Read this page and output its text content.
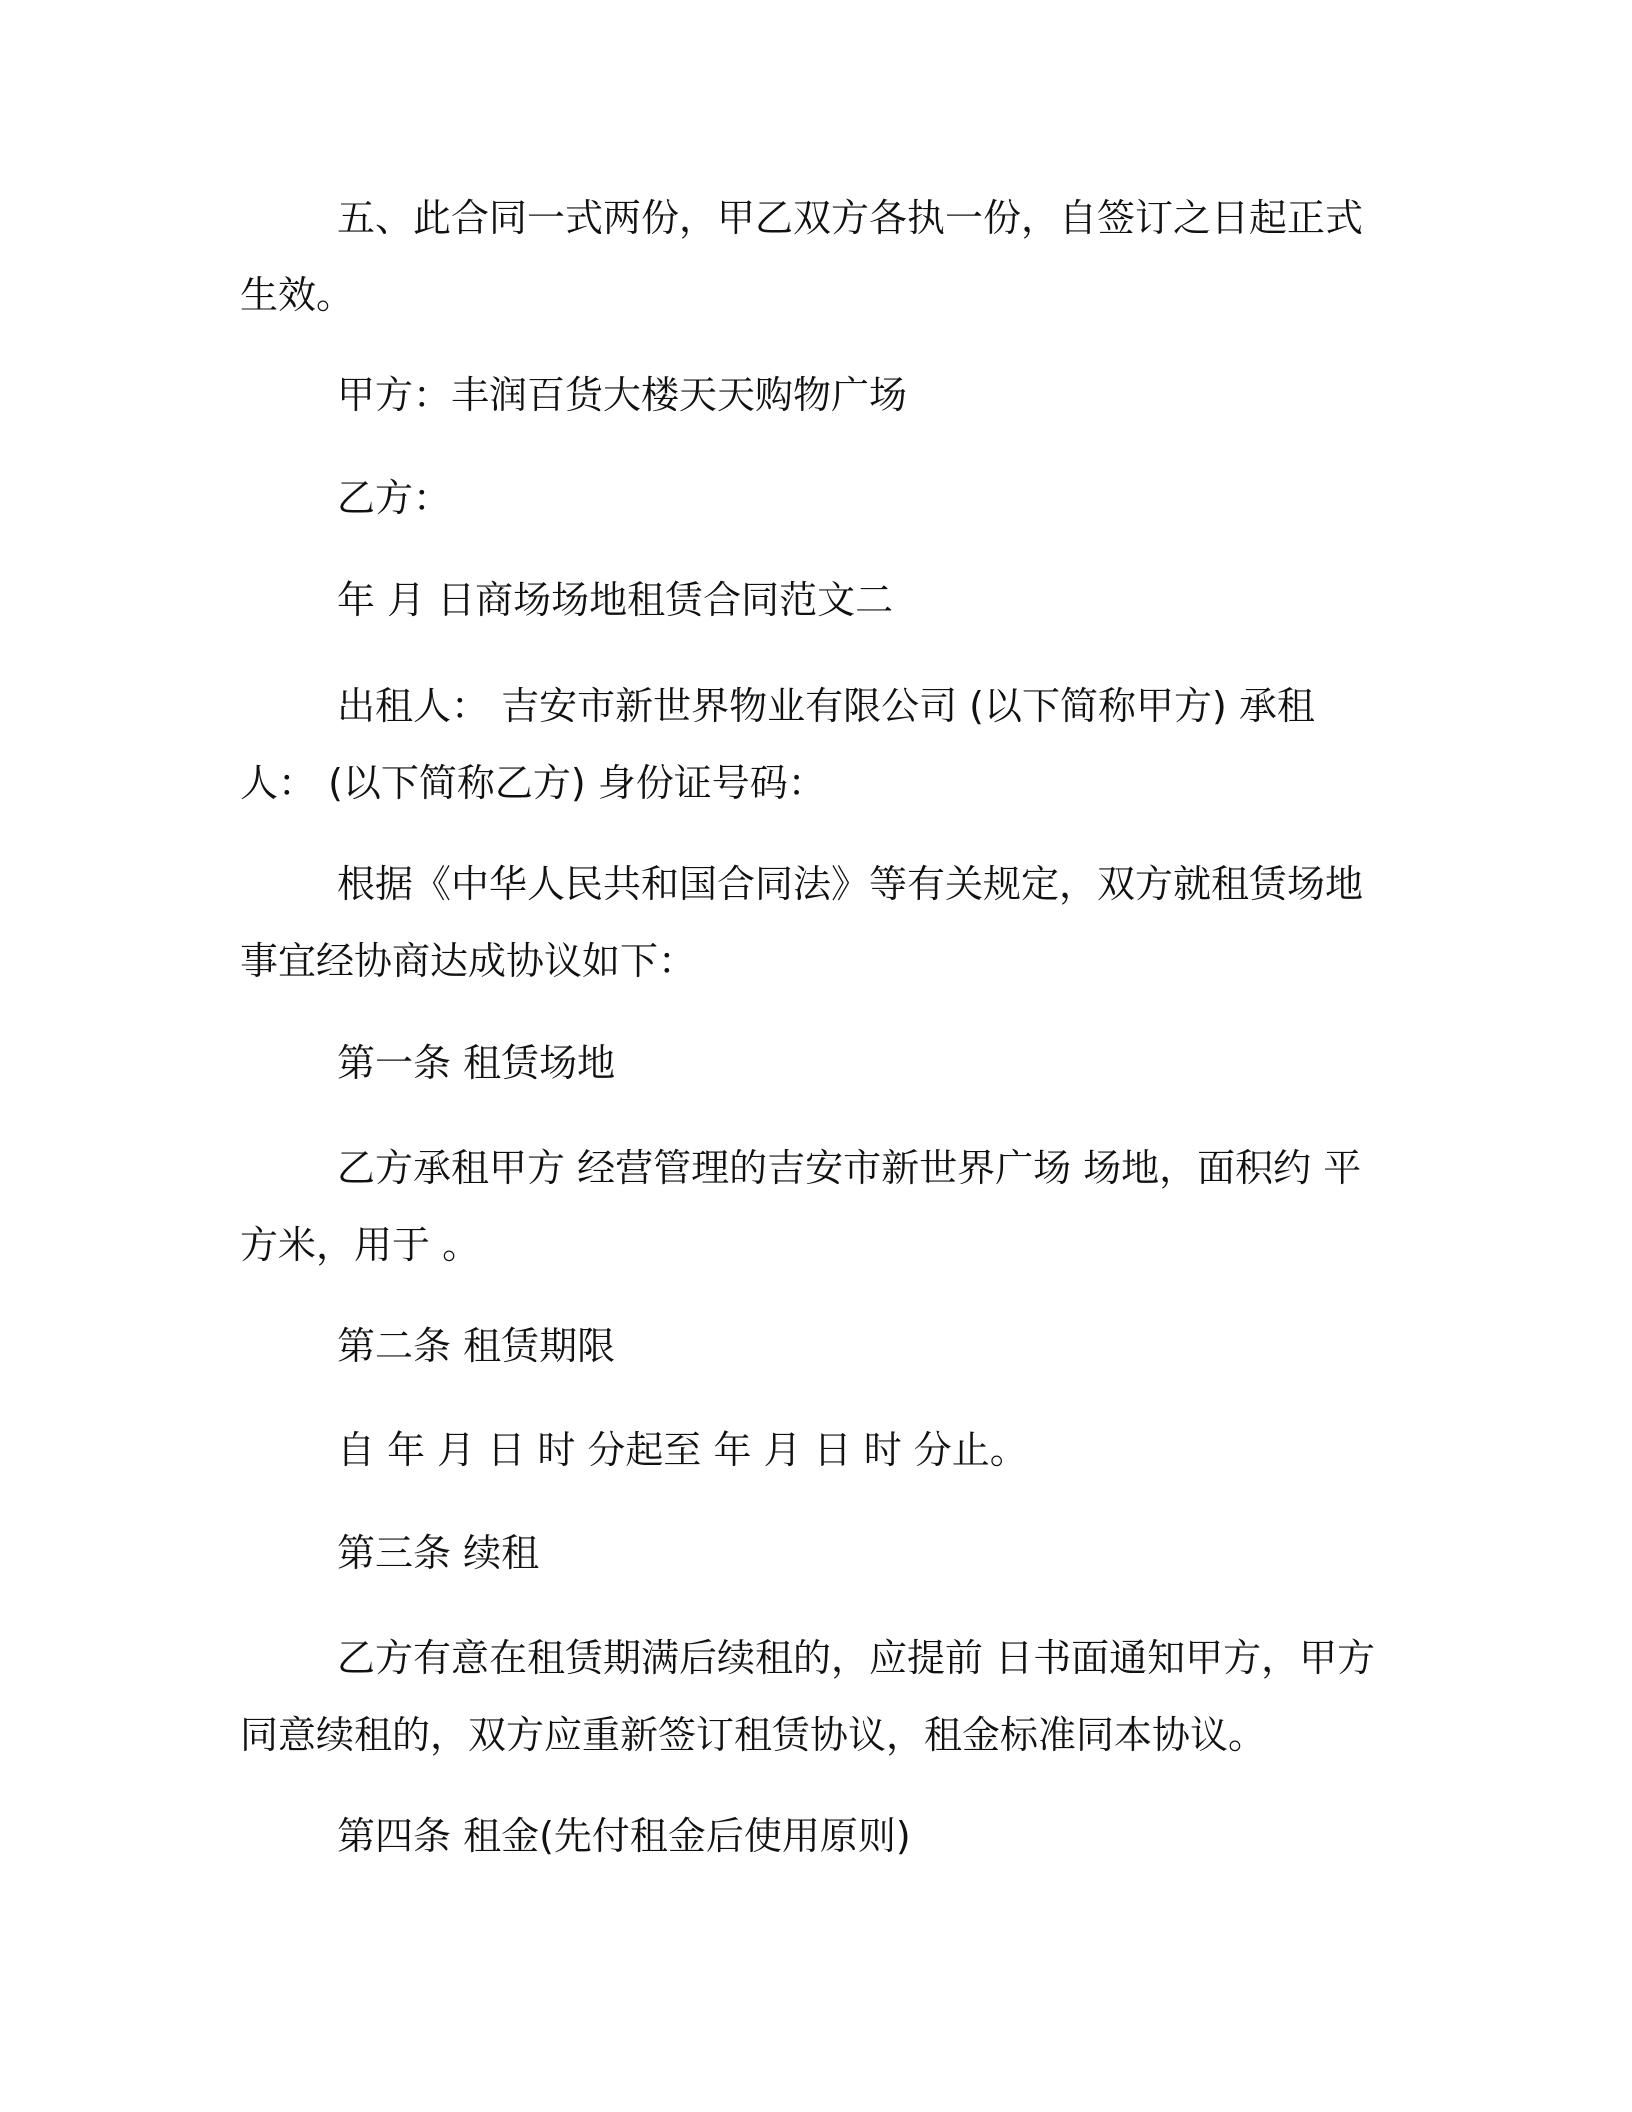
五、此合同一式两份，甲乙双方各执一份，自签订之日起正式生效。

甲方：丰润百货大楼天天购物广场

乙方：

年 月 日商场场地租赁合同范文二

出租人： 吉安市新世界物业有限公司 (以下简称甲方) 承租人： (以下简称乙方) 身份证号码：

根据《中华人民共和国合同法》等有关规定，双方就租赁场地事宜经协商达成协议如下：

第一条 租赁场地

乙方承租甲方 经营管理的吉安市新世界广场 场地，面积约 平方米，用于 。

第二条 租赁期限

自 年 月 日 时 分起至 年 月 日 时 分止。

第三条 续租

乙方有意在租赁期满后续租的，应提前 日书面通知甲方，甲方同意续租的，双方应重新签订租赁协议，租金标准同本协议。

第四条 租金(先付租金后使用原则)
